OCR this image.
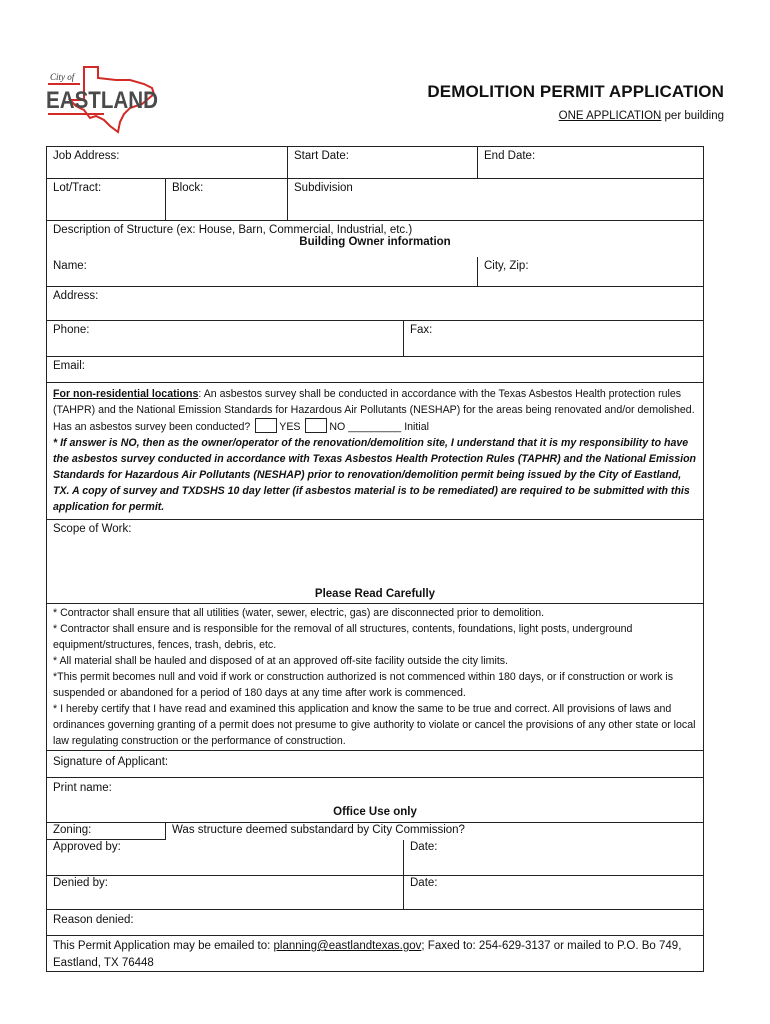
City of
EASTLAND	DEMOLITION PERMIT APPLICATION
ONE APPLICATION per building
Job Address:	Start Date:	End Date:
Lot/Tract:	Block:	Subdivision
Description of Structure (ex: House, Barn, Commercial, Industrial, etc.)
Building Owner information
Name:	City, Zip:
Address:
Phone:	Fax:
Email:
For non-residential locations: An asbestos survey shall be conducted in accordance with the Texas Asbestos Health protection rules (TAHPR) and the National Emission Standards for Hazardous Air Pollutants (NESHAP) for the areas being renovated and/or demolished. Has an asbestos survey been conducted?	YES	NO _________ Initial
* If answer is NO, then as the owner/operator of the renovation/demolition site, I understand that it is my responsibility to have the asbestos survey conducted in accordance with Texas Asbestos Health Protection Rules (TAPHR) and the National Emission Standards for Hazardous Air Pollutants (NESHAP) prior to renovation/demolition permit being issued by the City of Eastland, TX. A copy of survey and TXDSHS 10 day letter (if asbestos material is to be remediated) are required to be submitted with this application for permit.
Scope of Work:
Please Read Carefully
* Contractor shall ensure that all utilities (water, sewer, electric, gas) are disconnected prior to demolition.
* Contractor shall ensure and is responsible for the removal of all structures, contents, foundations, light posts, underground equipment/structures, fences, trash, debris, etc.
* All material shall be hauled and disposed of at an approved off-site facility outside the city limits.
*This permit becomes null and void if work or construction authorized is not commenced within 180 days, or if construction or work is suspended or abandoned for a period of 180 days at any time after work is commenced.
* I hereby certify that I have read and examined this application and know the same to be true and correct. All provisions of laws and ordinances governing granting of a permit does not presume to give authority to violate or cancel the provisions of any other state or local law regulating construction or the performance of construction.
Signature of Applicant:
Print name:
Office Use only
Zoning:	Was structure deemed substandard by City Commission?
Approved by:	Date:
Denied by:	Date:
Reason denied:
This Permit Application may be emailed to: planning@eastlandtexas.gov; Faxed to: 254-629-3137 or mailed to P.O. Bo 749, Eastland, TX 76448
